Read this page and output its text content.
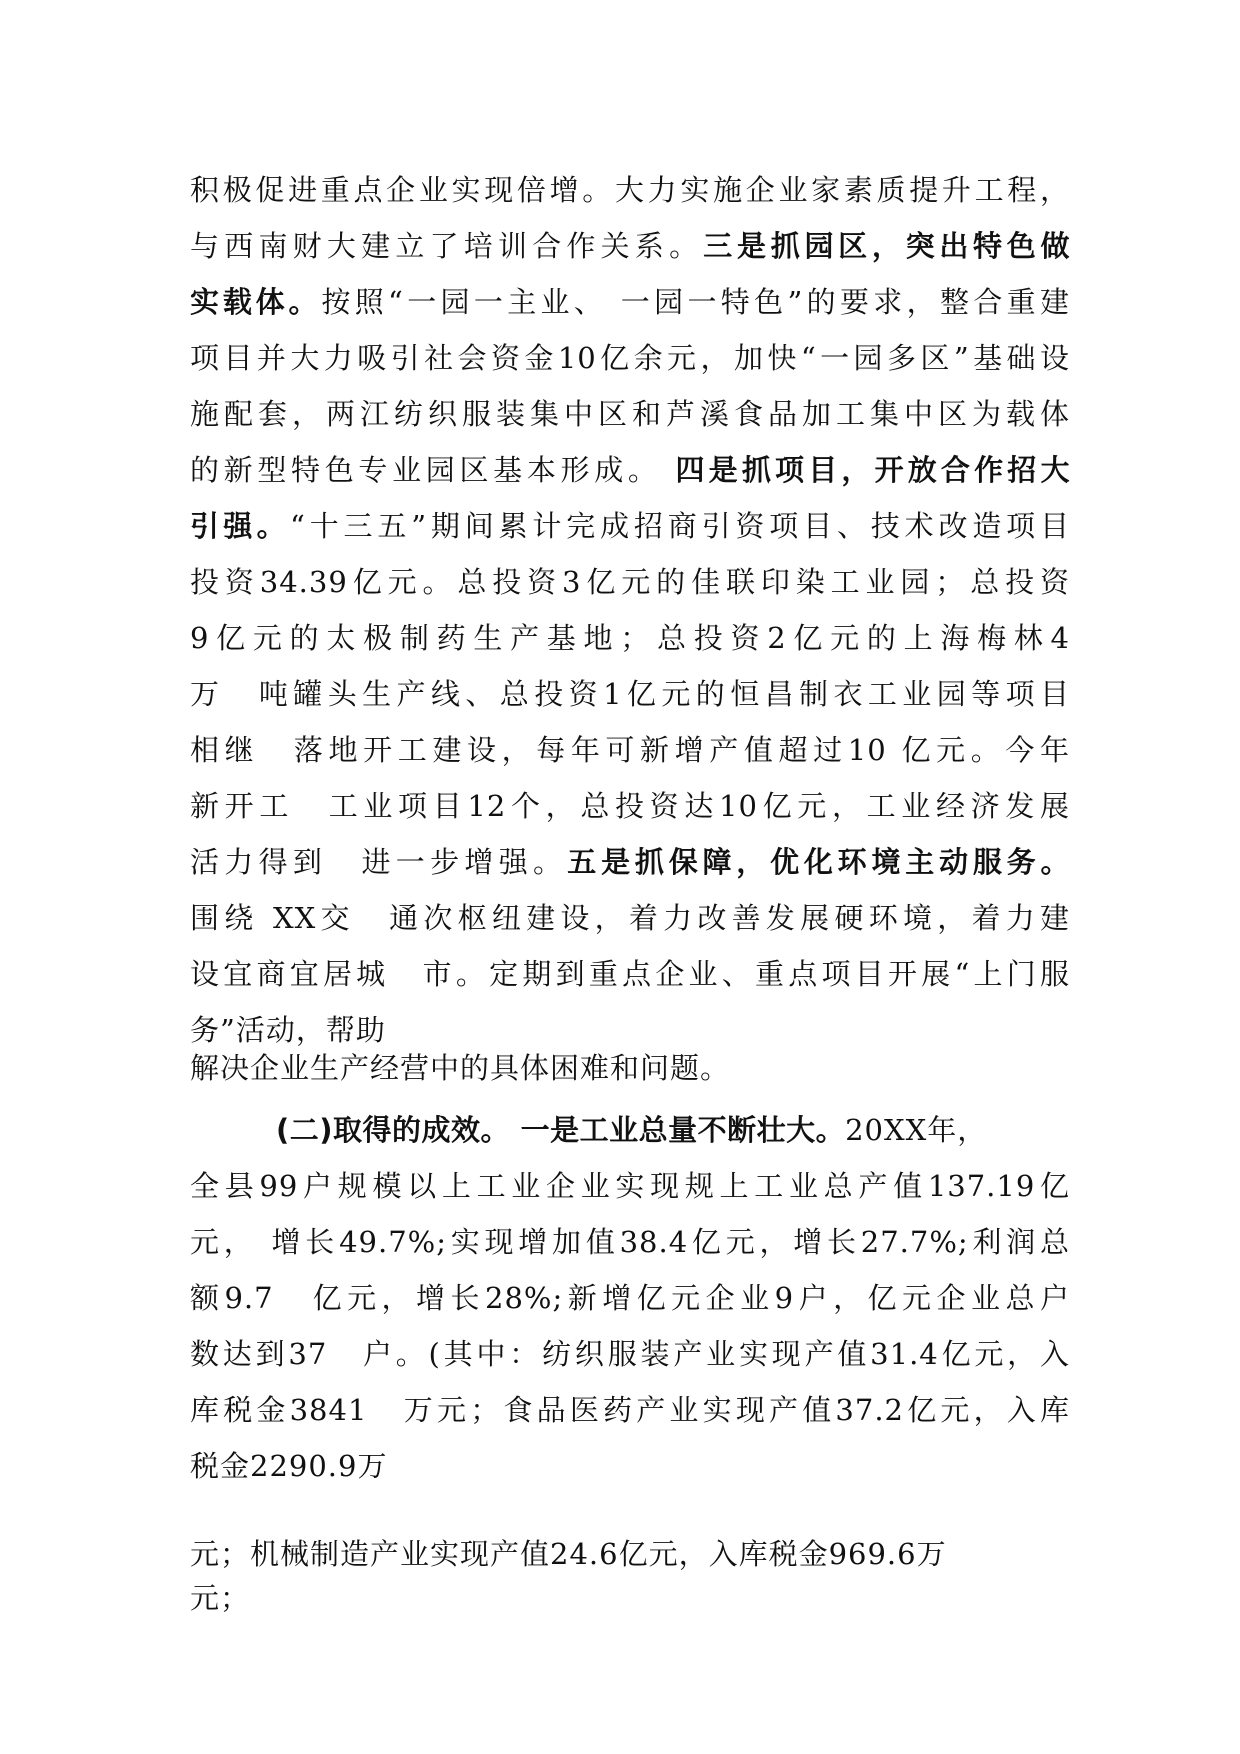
积极促进重点企业实现倍增。大力实施企业家素质提升工程，
与西南财大建立了培训合作关系。三是抓园区，突出特色做
实载体。按照“一园一主业、 一园一特色”的要求，整合重建
项目并大力吸引社会资金10亿余元，加快“一园多区”基础设
施配套，两江纺织服装集中区和芦溪食品加工集中区为载体
的新型特色专业园区基本形成。 四是抓项目，开放合作招大
引强。“十三五”期间累计完成招商引资项目、技术改造项目
投资34.39亿元。总投资3亿元的佳联印染工业园；总投资
9亿元的太极制药生产基地；总投资2亿元的上海梅林4
万　吨罐头生产线、总投资1亿元的恒昌制衣工业园等项目
相继　落地开工建设，每年可新增产值超过10 亿元。今年
新开工　工业项目12个，总投资达10亿元，工业经济发展
活力得到　进一步增强。五是抓保障，优化环境主动服务。
围绕 XX交　通次枢纽建设，着力改善发展硬环境，着力建
设宜商宜居城　市。定期到重点企业、重点项目开展“上门服
务”活动，帮助
解决企业生产经营中的具体困难和问题。
(二)取得的成效。 一是工业总量不断壮大。20XX年，
全县99户规模以上工业企业实现规上工业总产值137.19亿
元， 增长49.7%;实现增加值38.4亿元，增长27.7%;利润总
额9.7　亿元，增长28%;新增亿元企业9户，亿元企业总户
数达到37　户。(其中：纺织服装产业实现产值31.4亿元，入
库税金3841　万元；食品医药产业实现产值37.2亿元，入库
税金2290.9万
元；机械制造产业实现产值24.6亿元，入库税金969.6万
元；
